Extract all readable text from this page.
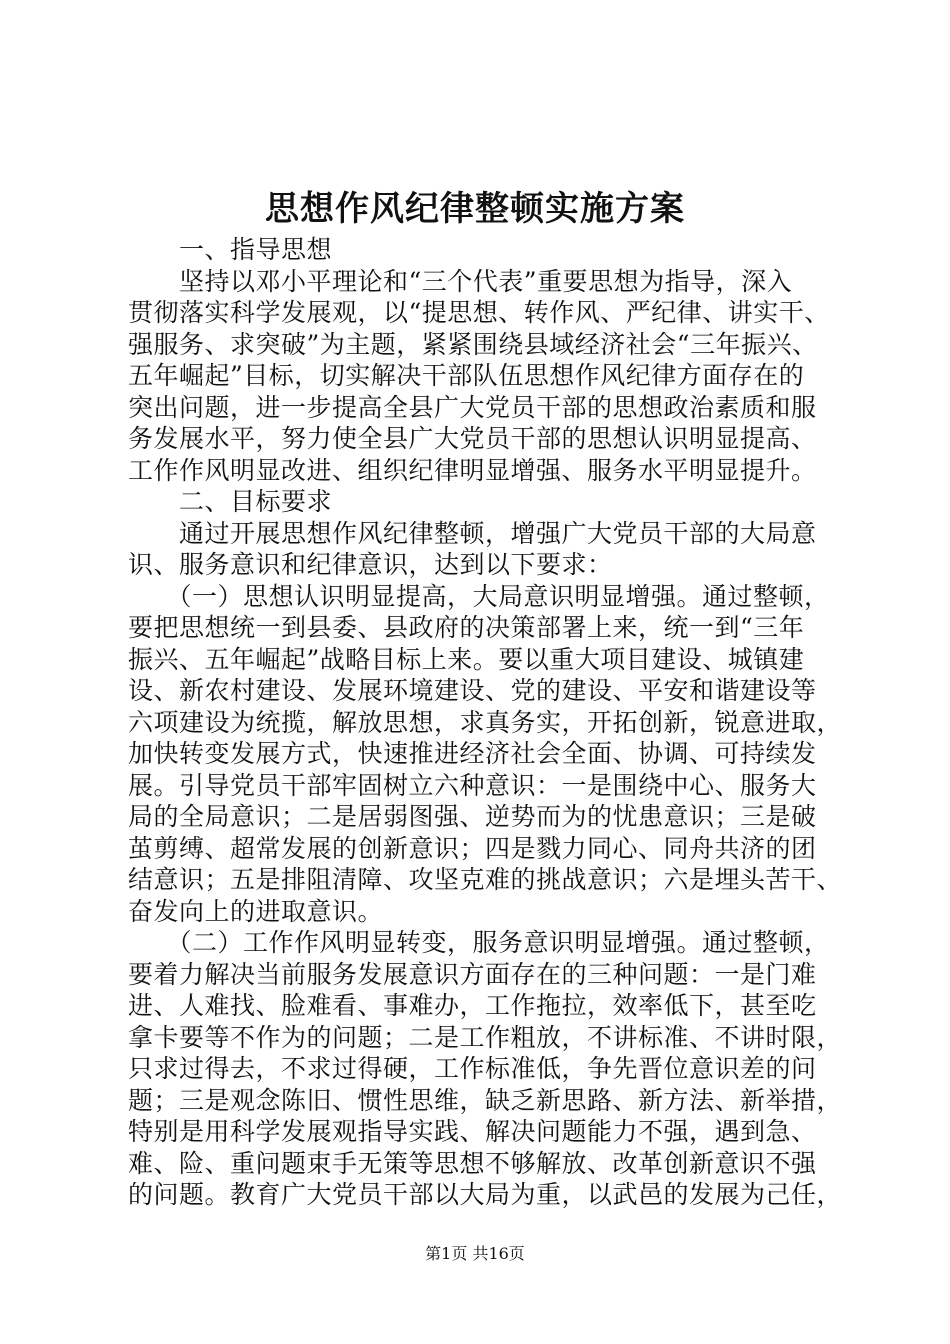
思想作风纪律整顿实施方案
　　一、指导思想
　　坚持以邓小平理论和“三个代表”重要思想为指导，深入
贯彻落实科学发展观，以“提思想、转作风、严纪律、讲实干、
强服务、求突破”为主题，紧紧围绕县域经济社会“三年振兴、
五年崛起”目标，切实解决干部队伍思想作风纪律方面存在的
突出问题，进一步提高全县广大党员干部的思想政治素质和服
务发展水平，努力使全县广大党员干部的思想认识明显提高、
工作作风明显改进、组织纪律明显增强、服务水平明显提升。
　　二、目标要求
　　通过开展思想作风纪律整顿，增强广大党员干部的大局意
识、服务意识和纪律意识，达到以下要求：
　　（一）思想认识明显提高，大局意识明显增强。通过整顿，
要把思想统一到县委、县政府的决策部署上来，统一到“三年
振兴、五年崛起”战略目标上来。要以重大项目建设、城镇建
设、新农村建设、发展环境建设、党的建设、平安和谐建设等
六项建设为统揽，解放思想，求真务实，开拓创新，锐意进取，
加快转变发展方式，快速推进经济社会全面、协调、可持续发
展。引导党员干部牢固树立六种意识：一是围绕中心、服务大
局的全局意识；二是居弱图强、逆势而为的忧患意识；三是破
茧剪缚、超常发展的创新意识；四是戮力同心、同舟共济的团
结意识；五是排阻清障、攻坚克难的挑战意识；六是埋头苦干、
奋发向上的进取意识。
　　（二）工作作风明显转变，服务意识明显增强。通过整顿，
要着力解决当前服务发展意识方面存在的三种问题：一是门难
进、人难找、脸难看、事难办，工作拖拉，效率低下，甚至吃
拿卡要等不作为的问题；二是工作粗放，不讲标准、不讲时限，
只求过得去，不求过得硬，工作标准低，争先晋位意识差的问
题；三是观念陈旧、惯性思维，缺乏新思路、新方法、新举措，
特别是用科学发展观指导实践、解决问题能力不强，遇到急、
难、险、重问题束手无策等思想不够解放、改革创新意识不强
的问题。教育广大党员干部以大局为重，以武邑的发展为己任，
第1页 共16页
